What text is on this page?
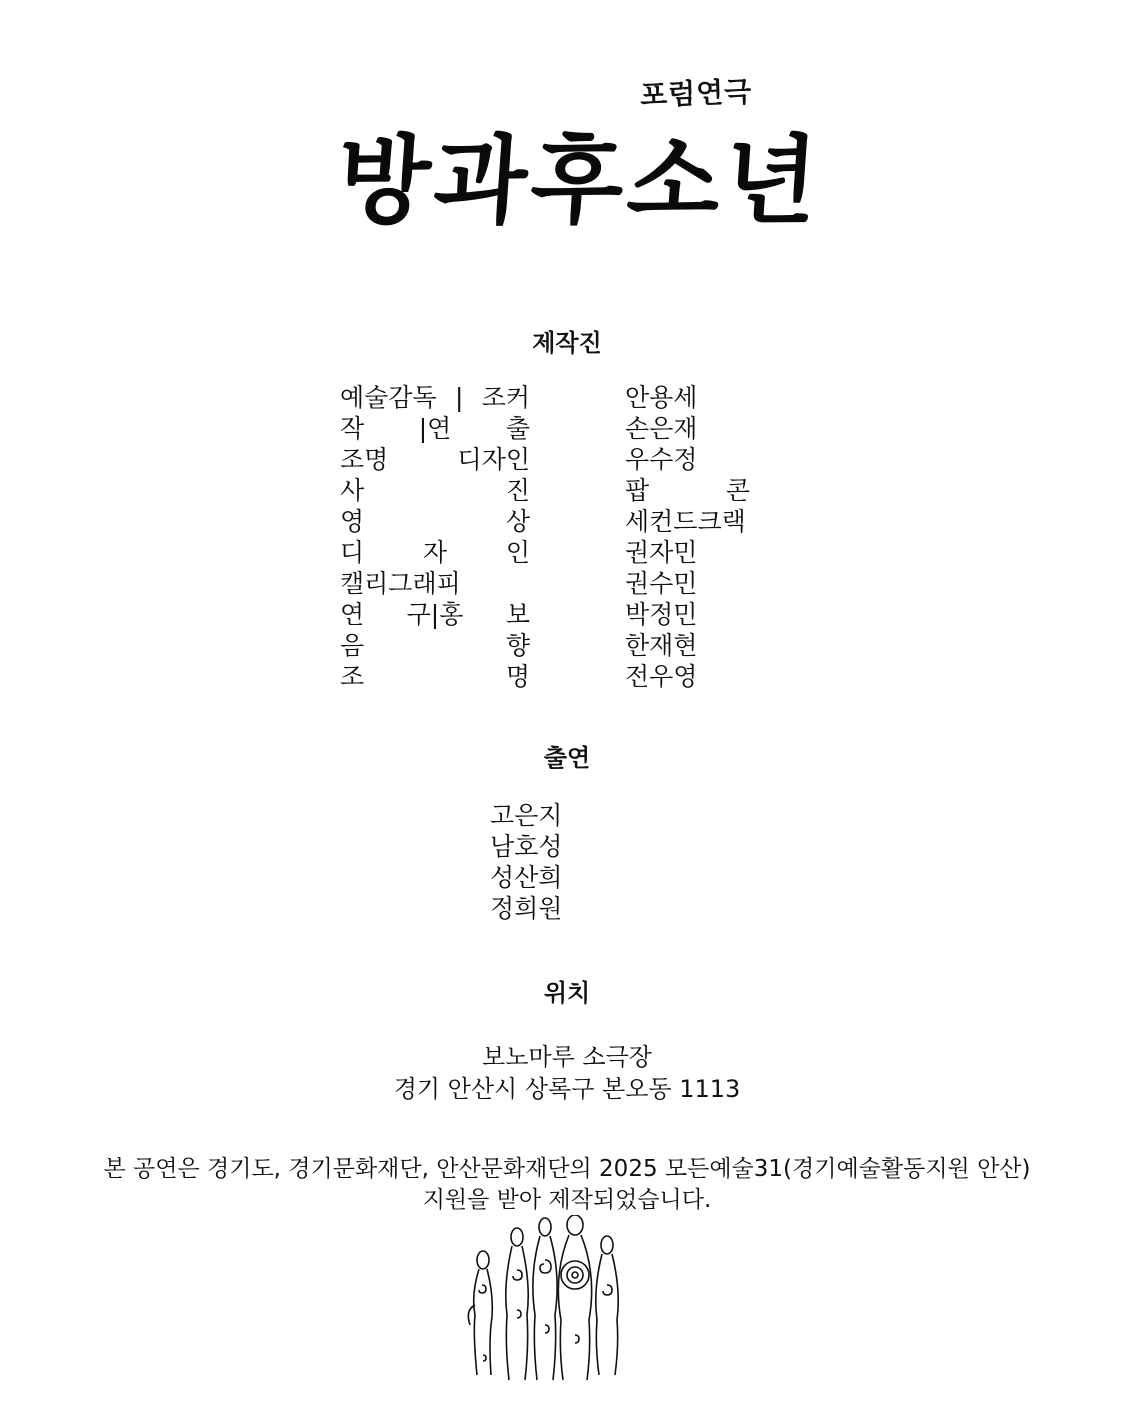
포럼연극
방과후소년
제작진
예술감독 | 조커	안용세
작 |연 출	손은재
조명 디자인	우수정
사 진	팝 콘
영 상	세컨드크랙
디 자 인	권자민
캘리그래피	권수민
연 구|홍 보	박정민
음 향	한재현
조 명	전우영
출연
고은지
남호성
성산희
정희원
위치
보노마루 소극장
경기 안산시 상록구 본오동 1113
본 공연은 경기도, 경기문화재단, 안산문화재단의 2025 모든예술31(경기예술활동지원 안산)
지원을 받아 제작되었습니다.
